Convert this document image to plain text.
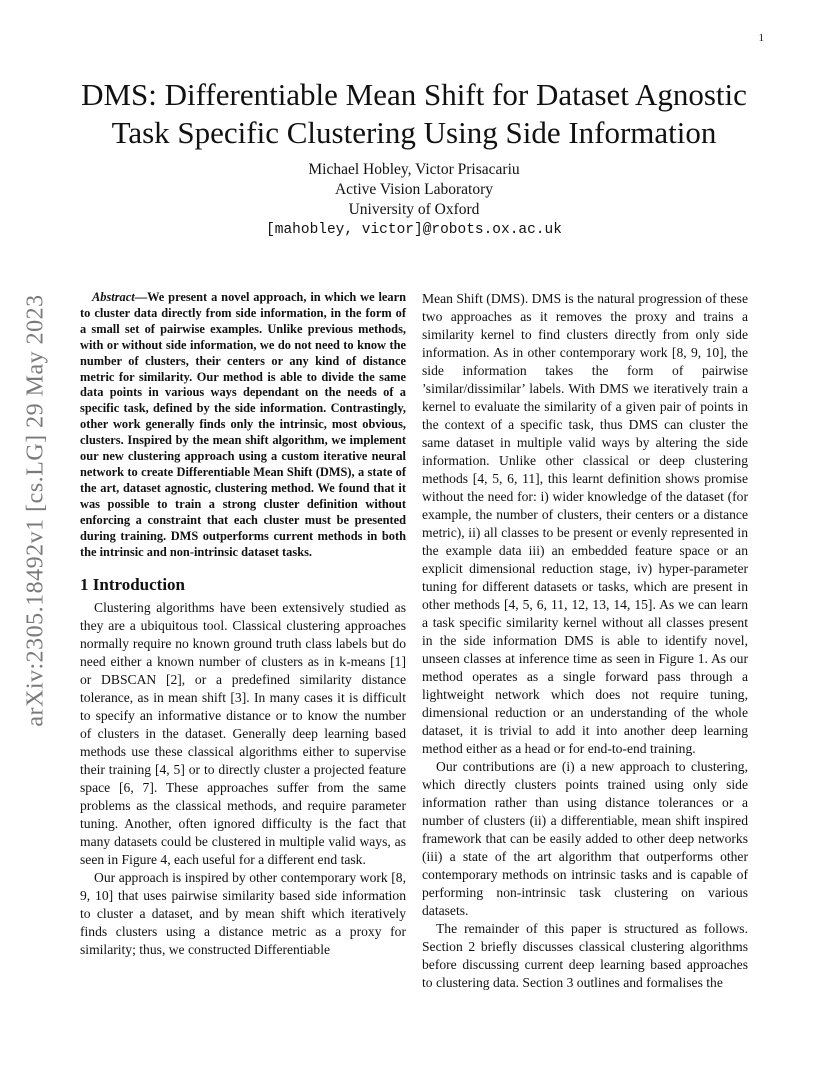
1
arXiv:2305.18492v1 [cs.LG] 29 May 2023
DMS: Differentiable Mean Shift for Dataset Agnostic
Task Specific Clustering Using Side Information
Michael Hobley, Victor Prisacariu
Active Vision Laboratory
University of Oxford
[mahobley, victor]@robots.ox.ac.uk

Abstract—We present a novel approach, in which we learn to cluster data directly from side information, in the form of a small set of pairwise examples. Unlike previous methods, with or without side information, we do not need to know the number of clusters, their centers or any kind of distance metric for similarity. Our method is able to divide the same data points in various ways dependant on the needs of a specific task, defined by the side information. Contrastingly, other work generally finds only the intrinsic, most obvious, clusters. Inspired by the mean shift algorithm, we implement our new clustering approach using a custom iterative neural network to create Differentiable Mean Shift (DMS), a state of the art, dataset agnostic, clustering method. We found that it was possible to train a strong cluster definition without enforcing a constraint that each cluster must be presented during training. DMS outperforms current methods in both the intrinsic and non-intrinsic dataset tasks.

1 Introduction

Clustering algorithms have been extensively studied as they are a ubiquitous tool. Classical clustering approaches normally require no known ground truth class labels but do need either a known number of clusters as in k-means [1] or DBSCAN [2], or a predefined similarity distance tolerance, as in mean shift [3]. In many cases it is difficult to specify an informative distance or to know the number of clusters in the dataset. Generally deep learning based methods use these classical algorithms either to supervise their training [4, 5] or to directly cluster a projected feature space [6, 7]. These approaches suffer from the same problems as the classical methods, and require parameter tuning. Another, often ignored difficulty is the fact that many datasets could be clustered in multiple valid ways, as seen in Figure 4, each useful for a different end task.

Our approach is inspired by other contemporary work [8, 9, 10] that uses pairwise similarity based side information to cluster a dataset, and by mean shift which iteratively finds clusters using a distance metric as a proxy for similarity; thus, we constructed Differentiable

Mean Shift (DMS). DMS is the natural progression of these two approaches as it removes the proxy and trains a similarity kernel to find clusters directly from only side information. As in other contemporary work [8, 9, 10], the side information takes the form of pairwise ’similar/dissimilar’ labels. With DMS we iteratively train a kernel to evaluate the similarity of a given pair of points in the context of a specific task, thus DMS can cluster the same dataset in multiple valid ways by altering the side information. Unlike other classical or deep clustering methods [4, 5, 6, 11], this learnt definition shows promise without the need for: i) wider knowledge of the dataset (for example, the number of clusters, their centers or a distance metric), ii) all classes to be present or evenly represented in the example data iii) an embedded feature space or an explicit dimensional reduction stage, iv) hyper-parameter tuning for different datasets or tasks, which are present in other methods [4, 5, 6, 11, 12, 13, 14, 15]. As we can learn a task specific similarity kernel without all classes present in the side information DMS is able to identify novel, unseen classes at inference time as seen in Figure 1. As our method operates as a single forward pass through a lightweight network which does not require tuning, dimensional reduction or an understanding of the whole dataset, it is trivial to add it into another deep learning method either as a head or for end-to-end training.

Our contributions are (i) a new approach to clustering, which directly clusters points trained using only side information rather than using distance tolerances or a number of clusters (ii) a differentiable, mean shift inspired framework that can be easily added to other deep networks (iii) a state of the art algorithm that outperforms other contemporary methods on intrinsic tasks and is capable of performing non-intrinsic task clustering on various datasets.

The remainder of this paper is structured as follows. Section 2 briefly discusses classical clustering algorithms before discussing current deep learning based approaches to clustering data. Section 3 outlines and formalises the
